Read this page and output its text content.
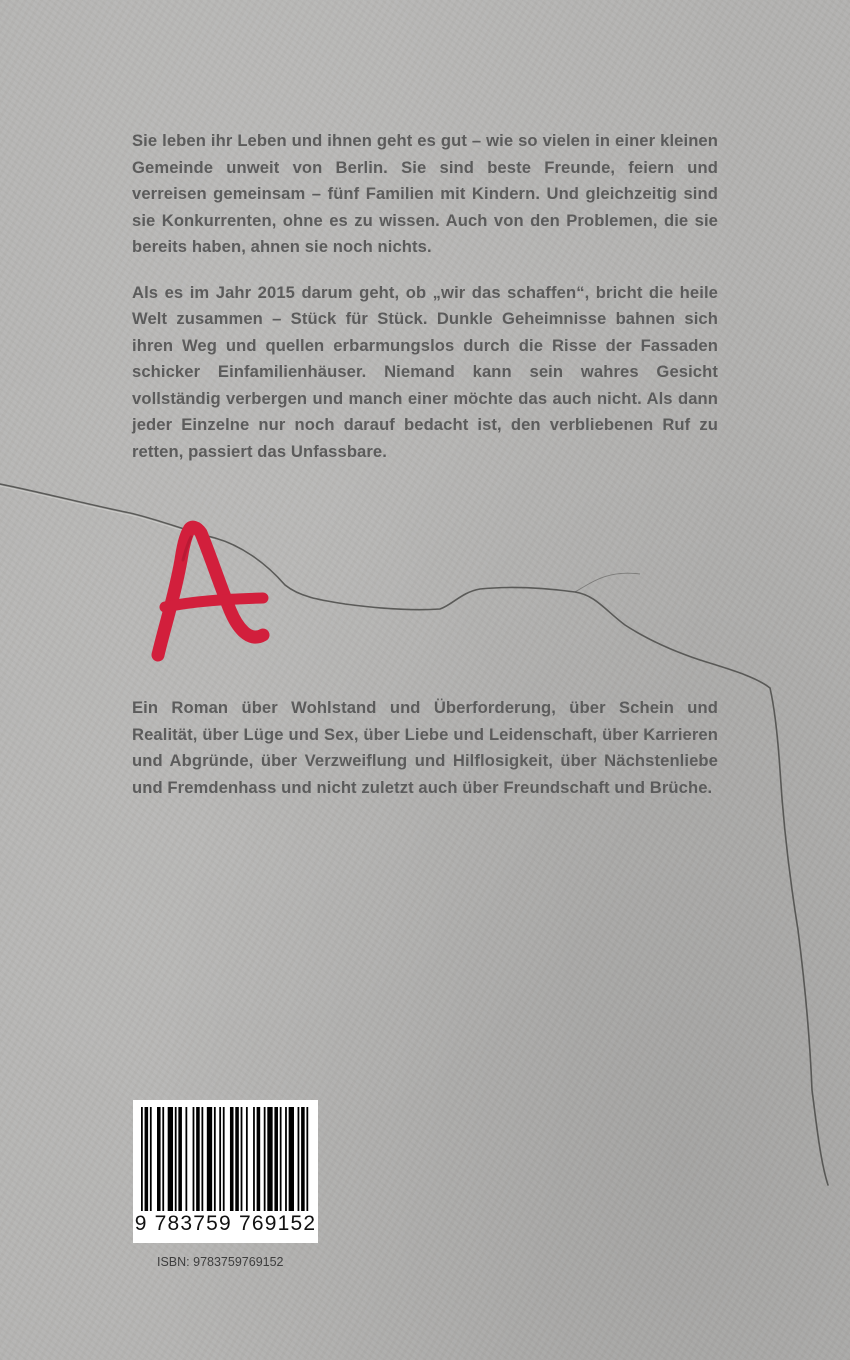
Sie leben ihr Leben und ihnen geht es gut – wie so vielen in einer kleinen Gemeinde unweit von Berlin. Sie sind beste Freunde, feiern und verreisen gemeinsam – fünf Familien mit Kindern. Und gleichzeitig sind sie Konkurrenten, ohne es zu wissen. Auch von den Problemen, die sie bereits haben, ahnen sie noch nichts.

Als es im Jahr 2015 darum geht, ob „wir das schaffen“, bricht die heile Welt zusammen – Stück für Stück. Dunkle Geheimnisse bahnen sich ihren Weg und quellen erbarmungslos durch die Risse der Fassaden schicker Einfamilienhäuser. Niemand kann sein wahres Gesicht vollständig verbergen und manch einer möchte das auch nicht. Als dann jeder Einzelne nur noch darauf bedacht ist, den verbliebenen Ruf zu retten, passiert das Unfassbare.

Ein Roman über Wohlstand und Überforderung, über Schein und Realität, über Lüge und Sex, über Liebe und Leidenschaft, über Karrieren und Abgründe, über Verzweiflung und Hilflosigkeit, über Nächstenliebe und Fremdenhass und nicht zuletzt auch über Freundschaft und Brüche.

9 783759 769152
ISBN: 9783759769152
